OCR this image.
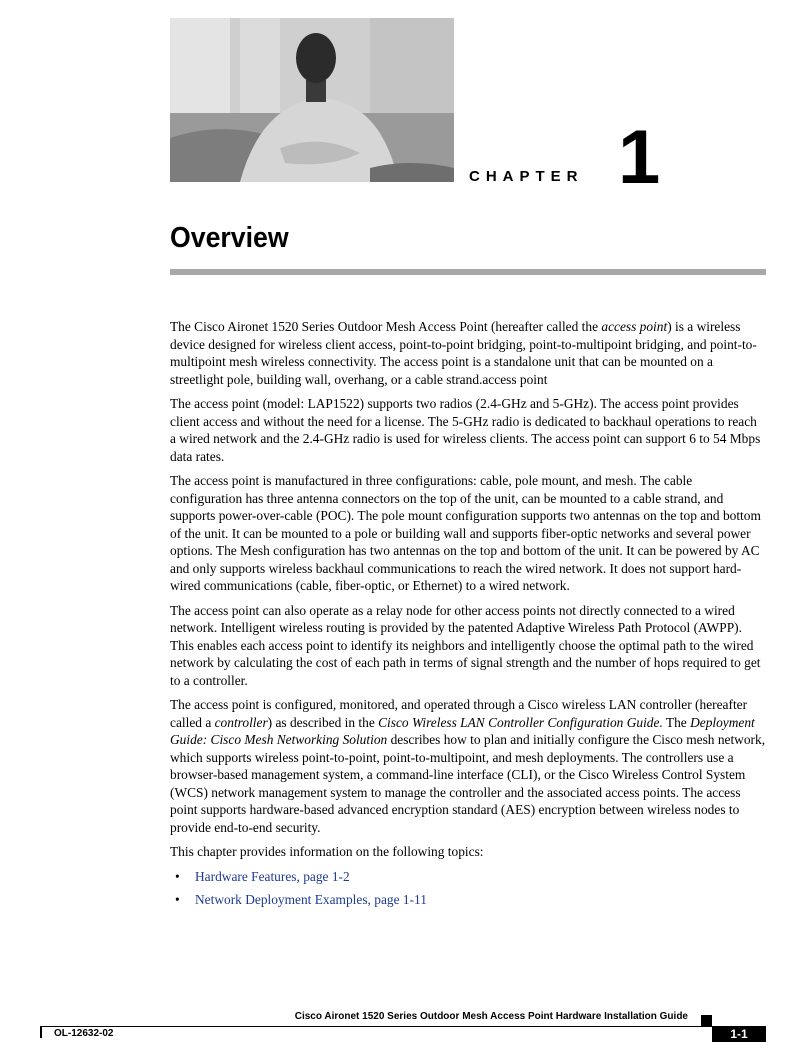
CHAPTER 1
Overview

The Cisco Aironet 1520 Series Outdoor Mesh Access Point (hereafter called the access point) is a wireless device designed for wireless client access, point-to-point bridging, point-to-multipoint bridging, and point-to-multipoint mesh wireless connectivity. The access point is a standalone unit that can be mounted on a streetlight pole, building wall, overhang, or a cable strand.access point

The access point (model: LAP1522) supports two radios (2.4-GHz and 5-GHz). The access point provides client access and without the need for a license. The 5-GHz radio is dedicated to backhaul operations to reach a wired network and the 2.4-GHz radio is used for wireless clients. The access point can support 6 to 54 Mbps data rates.

The access point is manufactured in three configurations: cable, pole mount, and mesh. The cable configuration has three antenna connectors on the top of the unit, can be mounted to a cable strand, and supports power-over-cable (POC). The pole mount configuration supports two antennas on the top and bottom of the unit. It can be mounted to a pole or building wall and supports fiber-optic networks and several power options. The Mesh configuration has two antennas on the top and bottom of the unit. It can be powered by AC and only supports wireless backhaul communications to reach the wired network. It does not support hard-wired communications (cable, fiber-optic, or Ethernet) to a wired network.

The access point can also operate as a relay node for other access points not directly connected to a wired network. Intelligent wireless routing is provided by the patented Adaptive Wireless Path Protocol (AWPP). This enables each access point to identify its neighbors and intelligently choose the optimal path to the wired network by calculating the cost of each path in terms of signal strength and the number of hops required to get to a controller.

The access point is configured, monitored, and operated through a Cisco wireless LAN controller (hereafter called a controller) as described in the Cisco Wireless LAN Controller Configuration Guide. The Deployment Guide: Cisco Mesh Networking Solution describes how to plan and initially configure the Cisco mesh network, which supports wireless point-to-point, point-to-multipoint, and mesh deployments. The controllers use a browser-based management system, a command-line interface (CLI), or the Cisco Wireless Control System (WCS) network management system to manage the controller and the associated access points. The access point supports hardware-based advanced encryption standard (AES) encryption between wireless nodes to provide end-to-end security.

This chapter provides information on the following topics:

• Hardware Features, page 1-2
• Network Deployment Examples, page 1-11
Cisco Aironet 1520 Series Outdoor Mesh Access Point Hardware Installation Guide
OL-12632-02	1-1
